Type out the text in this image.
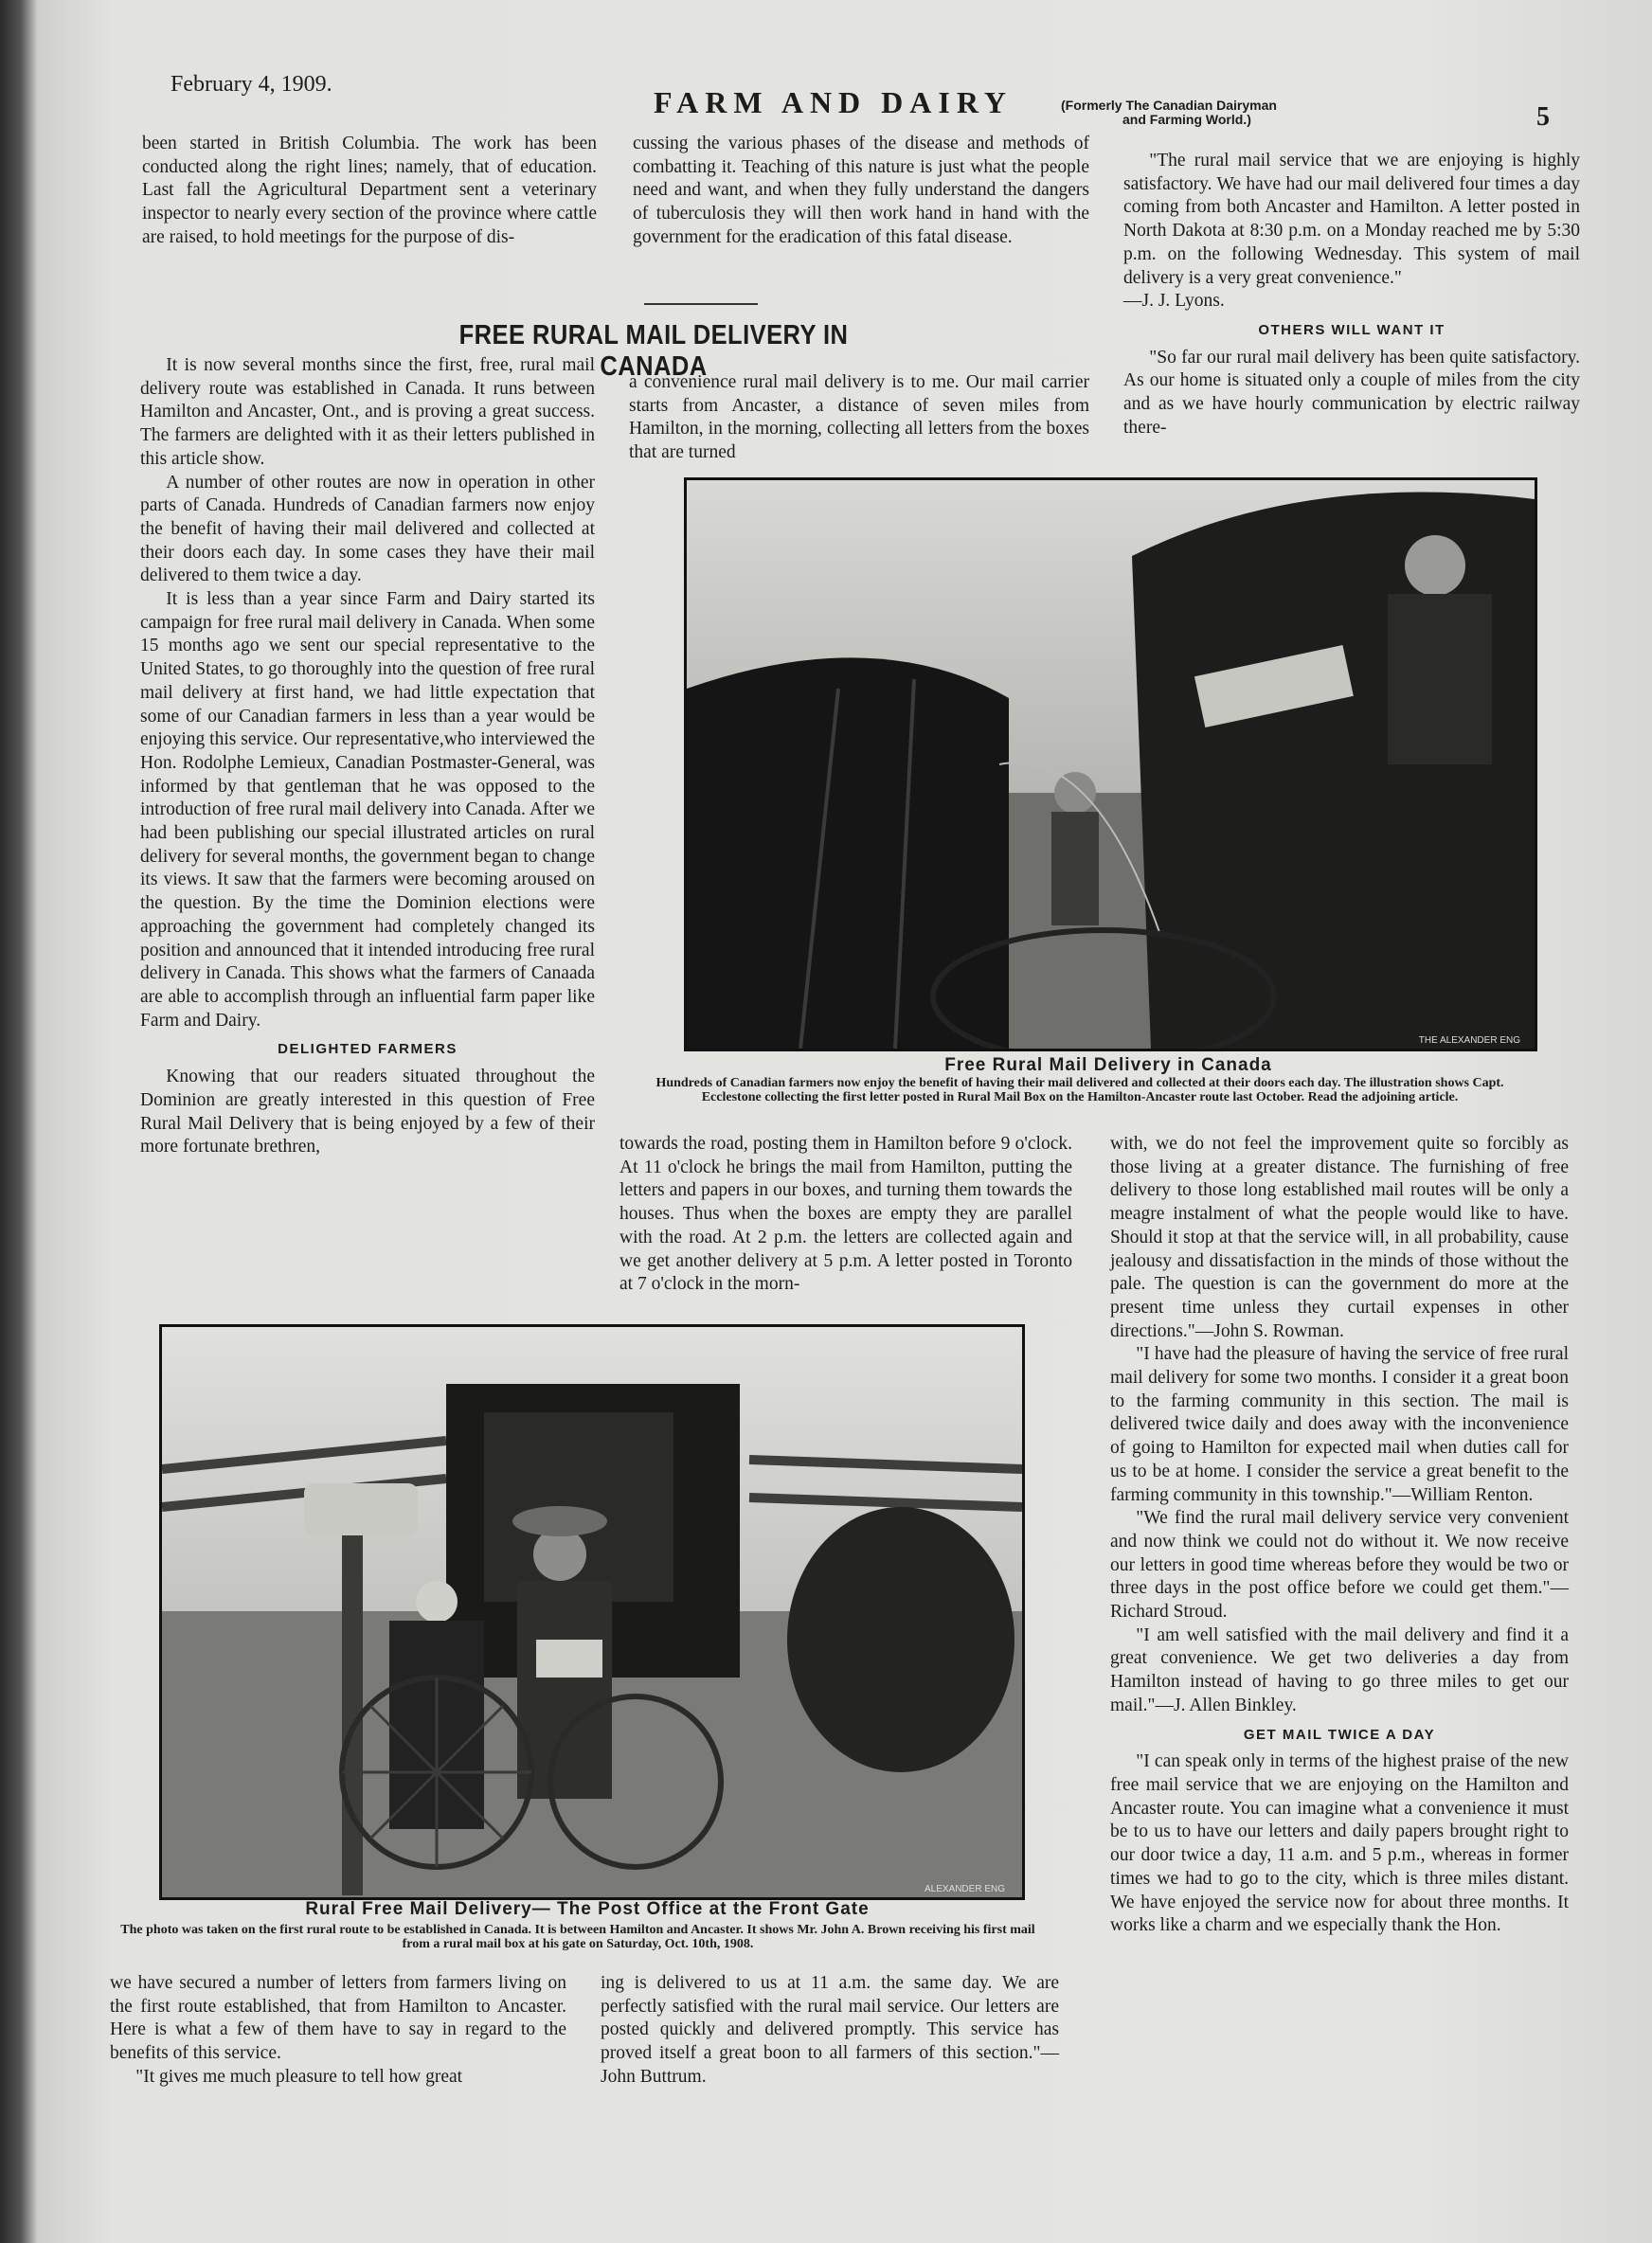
February 4, 1909.
FARM AND DAIRY	(Formerly The Canadian Dairyman
and Farming World.)	5

been started in British Columbia. The work has been conducted along the right lines; namely, that of education. Last fall the Agricultural Department sent a veterinary inspector to nearly every section of the province where cattle are raised, to hold meetings for the purpose of dis-

cussing the various phases of the disease and methods of combatting it. Teaching of this nature is just what the people need and want, and when they fully understand the dangers of tuberculosis they will then work hand in hand with the government for the eradication of this fatal disease.

"The rural mail service that we are enjoying is highly satisfactory. We have had our mail delivered four times a day coming from both Ancaster and Hamilton. A letter posted in North Dakota at 8:30 p.m. on a Monday reached me by 5:30 p.m. on the following Wednesday. This system of mail delivery is a very great convenience."

—J. J. Lyons.

OTHERS WILL WANT IT

"So far our rural mail delivery has been quite satisfactory. As our home is situated only a couple of miles from the city and as we have hourly communication by electric railway there-

FREE RURAL MAIL DELIVERY IN CANADA

It is now several months since the first, free, rural mail delivery route was established in Canada. It runs between Hamilton and Ancaster, Ont., and is proving a great success. The farmers are delighted with it as their letters published in this article show.

A number of other routes are now in operation in other parts of Canada. Hundreds of Canadian farmers now enjoy the benefit of having their mail delivered and collected at their doors each day. In some cases they have their mail delivered to them twice a day.

It is less than a year since Farm and Dairy started its campaign for free rural mail delivery in Canada. When some 15 months ago we sent our special representative to the United States, to go thoroughly into the question of free rural mail delivery at first hand, we had little expectation that some of our Canadian farmers in less than a year would be enjoying this service. Our representative,who interviewed the Hon. Rodolphe Lemieux, Canadian Postmaster-General, was informed by that gentleman that he was opposed to the introduction of free rural mail delivery into Canada. After we had been publishing our special illustrated articles on rural delivery for several months, the government began to change its views. It saw that the farmers were becoming aroused on the question. By the time the Dominion elections were approaching the government had completely changed its position and announced that it intended introducing free rural delivery in Canada. This shows what the farmers of Canaada are able to accomplish through an influential farm paper like Farm and Dairy.

DELIGHTED FARMERS

Knowing that our readers situated throughout the Dominion are greatly interested in this question of Free Rural Mail Delivery that is being enjoyed by a few of their more fortunate brethren,

a convenience rural mail delivery is to me. Our mail carrier starts from Ancaster, a distance of seven miles from Hamilton, in the morning, collecting all letters from the boxes that are turned

THE ALEXANDER ENG
Free Rural Mail Delivery in Canada
Hundreds of Canadian farmers now enjoy the benefit of having their mail delivered and collected at their doors each day. The illustration shows Capt. Ecclestone collecting the first letter posted in Rural Mail Box on the Hamilton-Ancaster route last October. Read the adjoining article.

towards the road, posting them in Hamilton before 9 o'clock. At 11 o'clock he brings the mail from Hamilton, putting the letters and papers in our boxes, and turning them towards the houses. Thus when the boxes are empty they are parallel with the road. At 2 p.m. the letters are collected again and we get another delivery at 5 p.m. A letter posted in Toronto at 7 o'clock in the morn-

with, we do not feel the improvement quite so forcibly as those living at a greater distance. The furnishing of free delivery to those long established mail routes will be only a meagre instalment of what the people would like to have. Should it stop at that the service will, in all probability, cause jealousy and dissatisfaction in the minds of those without the pale. The question is can the government do more at the present time unless they curtail expenses in other directions."—John S. Rowman.

"I have had the pleasure of having the service of free rural mail delivery for some two months. I consider it a great boon to the farming community in this section. The mail is delivered twice daily and does away with the inconvenience of going to Hamilton for expected mail when duties call for us to be at home. I consider the service a great benefit to the farming community in this township."—William Renton.

"We find the rural mail delivery service very convenient and now think we could not do without it. We now receive our letters in good time whereas before they would be two or three days in the post office before we could get them."—Richard Stroud.

"I am well satisfied with the mail delivery and find it a great convenience. We get two deliveries a day from Hamilton instead of having to go three miles to get our mail."—J. Allen Binkley.

GET MAIL TWICE A DAY

"I can speak only in terms of the highest praise of the new free mail service that we are enjoying on the Hamilton and Ancaster route. You can imagine what a convenience it must be to us to have our letters and daily papers brought right to our door twice a day, 11 a.m. and 5 p.m., whereas in former times we had to go to the city, which is three miles distant. We have enjoyed the service now for about three months. It works like a charm and we especially thank the Hon.

ALEXANDER ENG
Rural Free Mail Delivery— The Post Office at the Front Gate
The photo was taken on the first rural route to be established in Canada. It is between Hamilton and Ancaster. It shows Mr. John A. Brown receiving his first mail from a rural mail box at his gate on Saturday, Oct. 10th, 1908.

we have secured a number of letters from farmers living on the first route established, that from Hamilton to Ancaster. Here is what a few of them have to say in regard to the benefits of this service.

"It gives me much pleasure to tell how great

ing is delivered to us at 11 a.m. the same day. We are perfectly satisfied with the rural mail service. Our letters are posted quickly and delivered promptly. This service has proved itself a great boon to all farmers of this section."—John Buttrum.
